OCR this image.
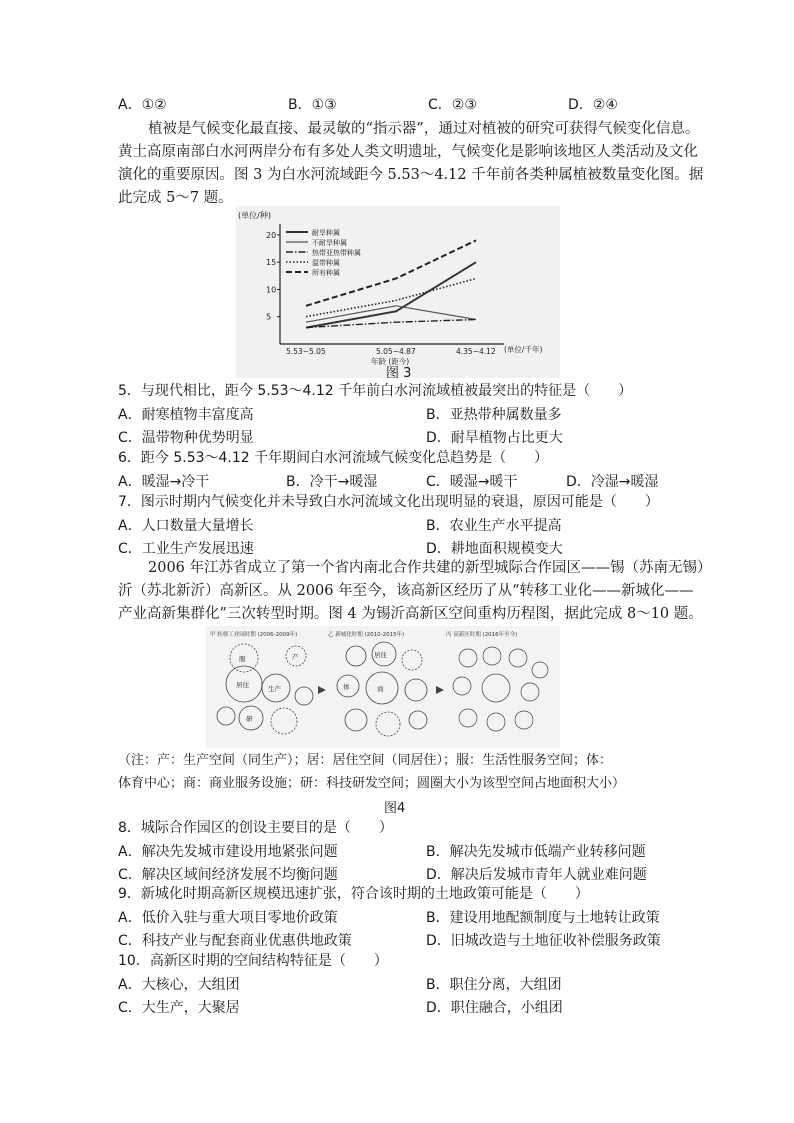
A．①②	B．①③	C．②③	D．②④
植被是气候变化最直接、最灵敏的“指示器”，通过对植被的研究可获得气候变化信息。
黄土高原南部白水河两岸分布有多处人类文明遗址，气候变化是影响该地区人类活动及文化
演化的重要原因。图 3 为白水河流域距今 5.53～4.12 千年前各类种属植被数量变化图。据
此完成 5～7 题。
(单位/种)
(单位/千年)
年龄 (距今)
20
15
10
5
5.53~5.05	5.05~4.87	4.35~4.12
耐旱种属
不耐旱种属
热带亚热带种属
温带种属
所有种属
图 3
5．与现代相比，距今 5.53～4.12 千年前白水河流域植被最突出的特征是（　　）
A．耐寒植物丰富度高	B．亚热带种属数量多
C．温带物种优势明显	D．耐旱植物占比更大
6．距今 5.53～4.12 千年期间白水河流域气候变化总趋势是（　　）
A．暖湿→冷干	B．冷干→暖湿	C．暖湿→暖干	D．冷湿→暖湿
7．图示时期内气候变化并未导致白水河流域文化出现明显的衰退，原因可能是（　　）
A．人口数量大量增长	B．农业生产水平提高
C．工业生产发展迅速	D．耕地面积规模变大
2006 年江苏省成立了第一个省内南北合作共建的新型城际合作园区——锡（苏南无锡）
沂（苏北新沂）高新区。从 2006 年至今，该高新区经历了从“转移工业化——新城化——
产业高新集群化”三次转型时期。图 4 为锡沂高新区空间重构历程图，据此完成 8～10 题。
甲 转移工业园时期 (2006-2009年)	乙 新城化时期 (2010-2015年)	丙 高新区时期 (2016年至今)
服
居住	生产
产
研
商
体
居住
（注：产：生产空间（同生产）；居：居住空间（同居住）；服：生活性服务空间；体：
体育中心；商：商业服务设施；研：科技研发空间；圆圈大小为该型空间占地面积大小）
图4
8．城际合作园区的创设主要目的是（　　）
A．解决先发城市建设用地紧张问题	B．解决先发城市低端产业转移问题
C．解决区域间经济发展不均衡问题	D．解决后发城市青年人就业难问题
9．新城化时期高新区规模迅速扩张，符合该时期的土地政策可能是（　　）
A．低价入驻与重大项目零地价政策	B．建设用地配额制度与土地转让政策
C．科技产业与配套商业优惠供地政策	D．旧城改造与土地征收补偿服务政策
10．高新区时期的空间结构特征是（　　）
A．大核心，大组团	B．职住分离，大组团
C．大生产，大聚居	D．职住融合，小组团
